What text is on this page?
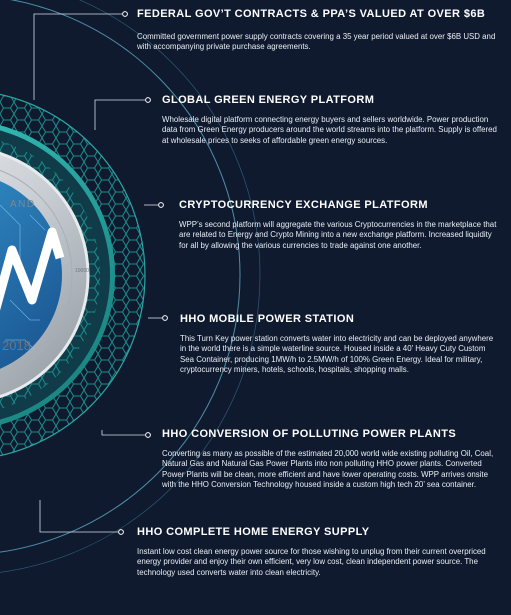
AND
2018
10000
FEDERAL GOV’T CONTRACTS & PPA’S VALUED AT OVER $6B

Committed government power supply contracts covering a 35 year period valued at over $6B USD and with accompanying private purchase agreements.

GLOBAL GREEN ENERGY PLATFORM

Wholesale digital platform connecting energy buyers and sellers worldwide. Power production data from Green Energy producers around the world streams into the platform. Supply is offered at wholesale prices to seeks of affordable green energy sources.

CRYPTOCURRENCY EXCHANGE PLATFORM

WPP’s second platform will aggregate the various Cryptocurrencies in the marketplace that are related to Energy and Crypto Mining into a new exchange platform. Increased liquidity for all by allowing the various currencies to trade against one another.

HHO MOBILE POWER STATION

This Turn Key power station converts water into electricity and can be deployed anywhere in the world there is a simple waterline source. Housed inside a 40’ Heavy Cuty Custom Sea Container, producing 1MW/h to 2.5MW/h of 100% Green Energy. Ideal for military, cryptocurrency miners, hotels, schools, hospitals, shopping malls.

HHO CONVERSION OF POLLUTING POWER PLANTS

Converting as many as possible of the estimated 20,000 world wide existing polluting Oil, Coal, Natural Gas and Natural Gas Power Plants into non polluting HHO power plants. Converted Power Plants will be clean, more efficient and have lower operating costs. WPP arrives onsite with the HHO Conversion Technology housed inside a custom high tech 20’ sea container.

HHO COMPLETE HOME ENERGY SUPPLY

Instant low cost clean energy power source for those wishing to unplug from their current overpriced energy provider and enjoy their own efficient, very low cost, clean independent power source. The technology used converts water into clean electricity.
